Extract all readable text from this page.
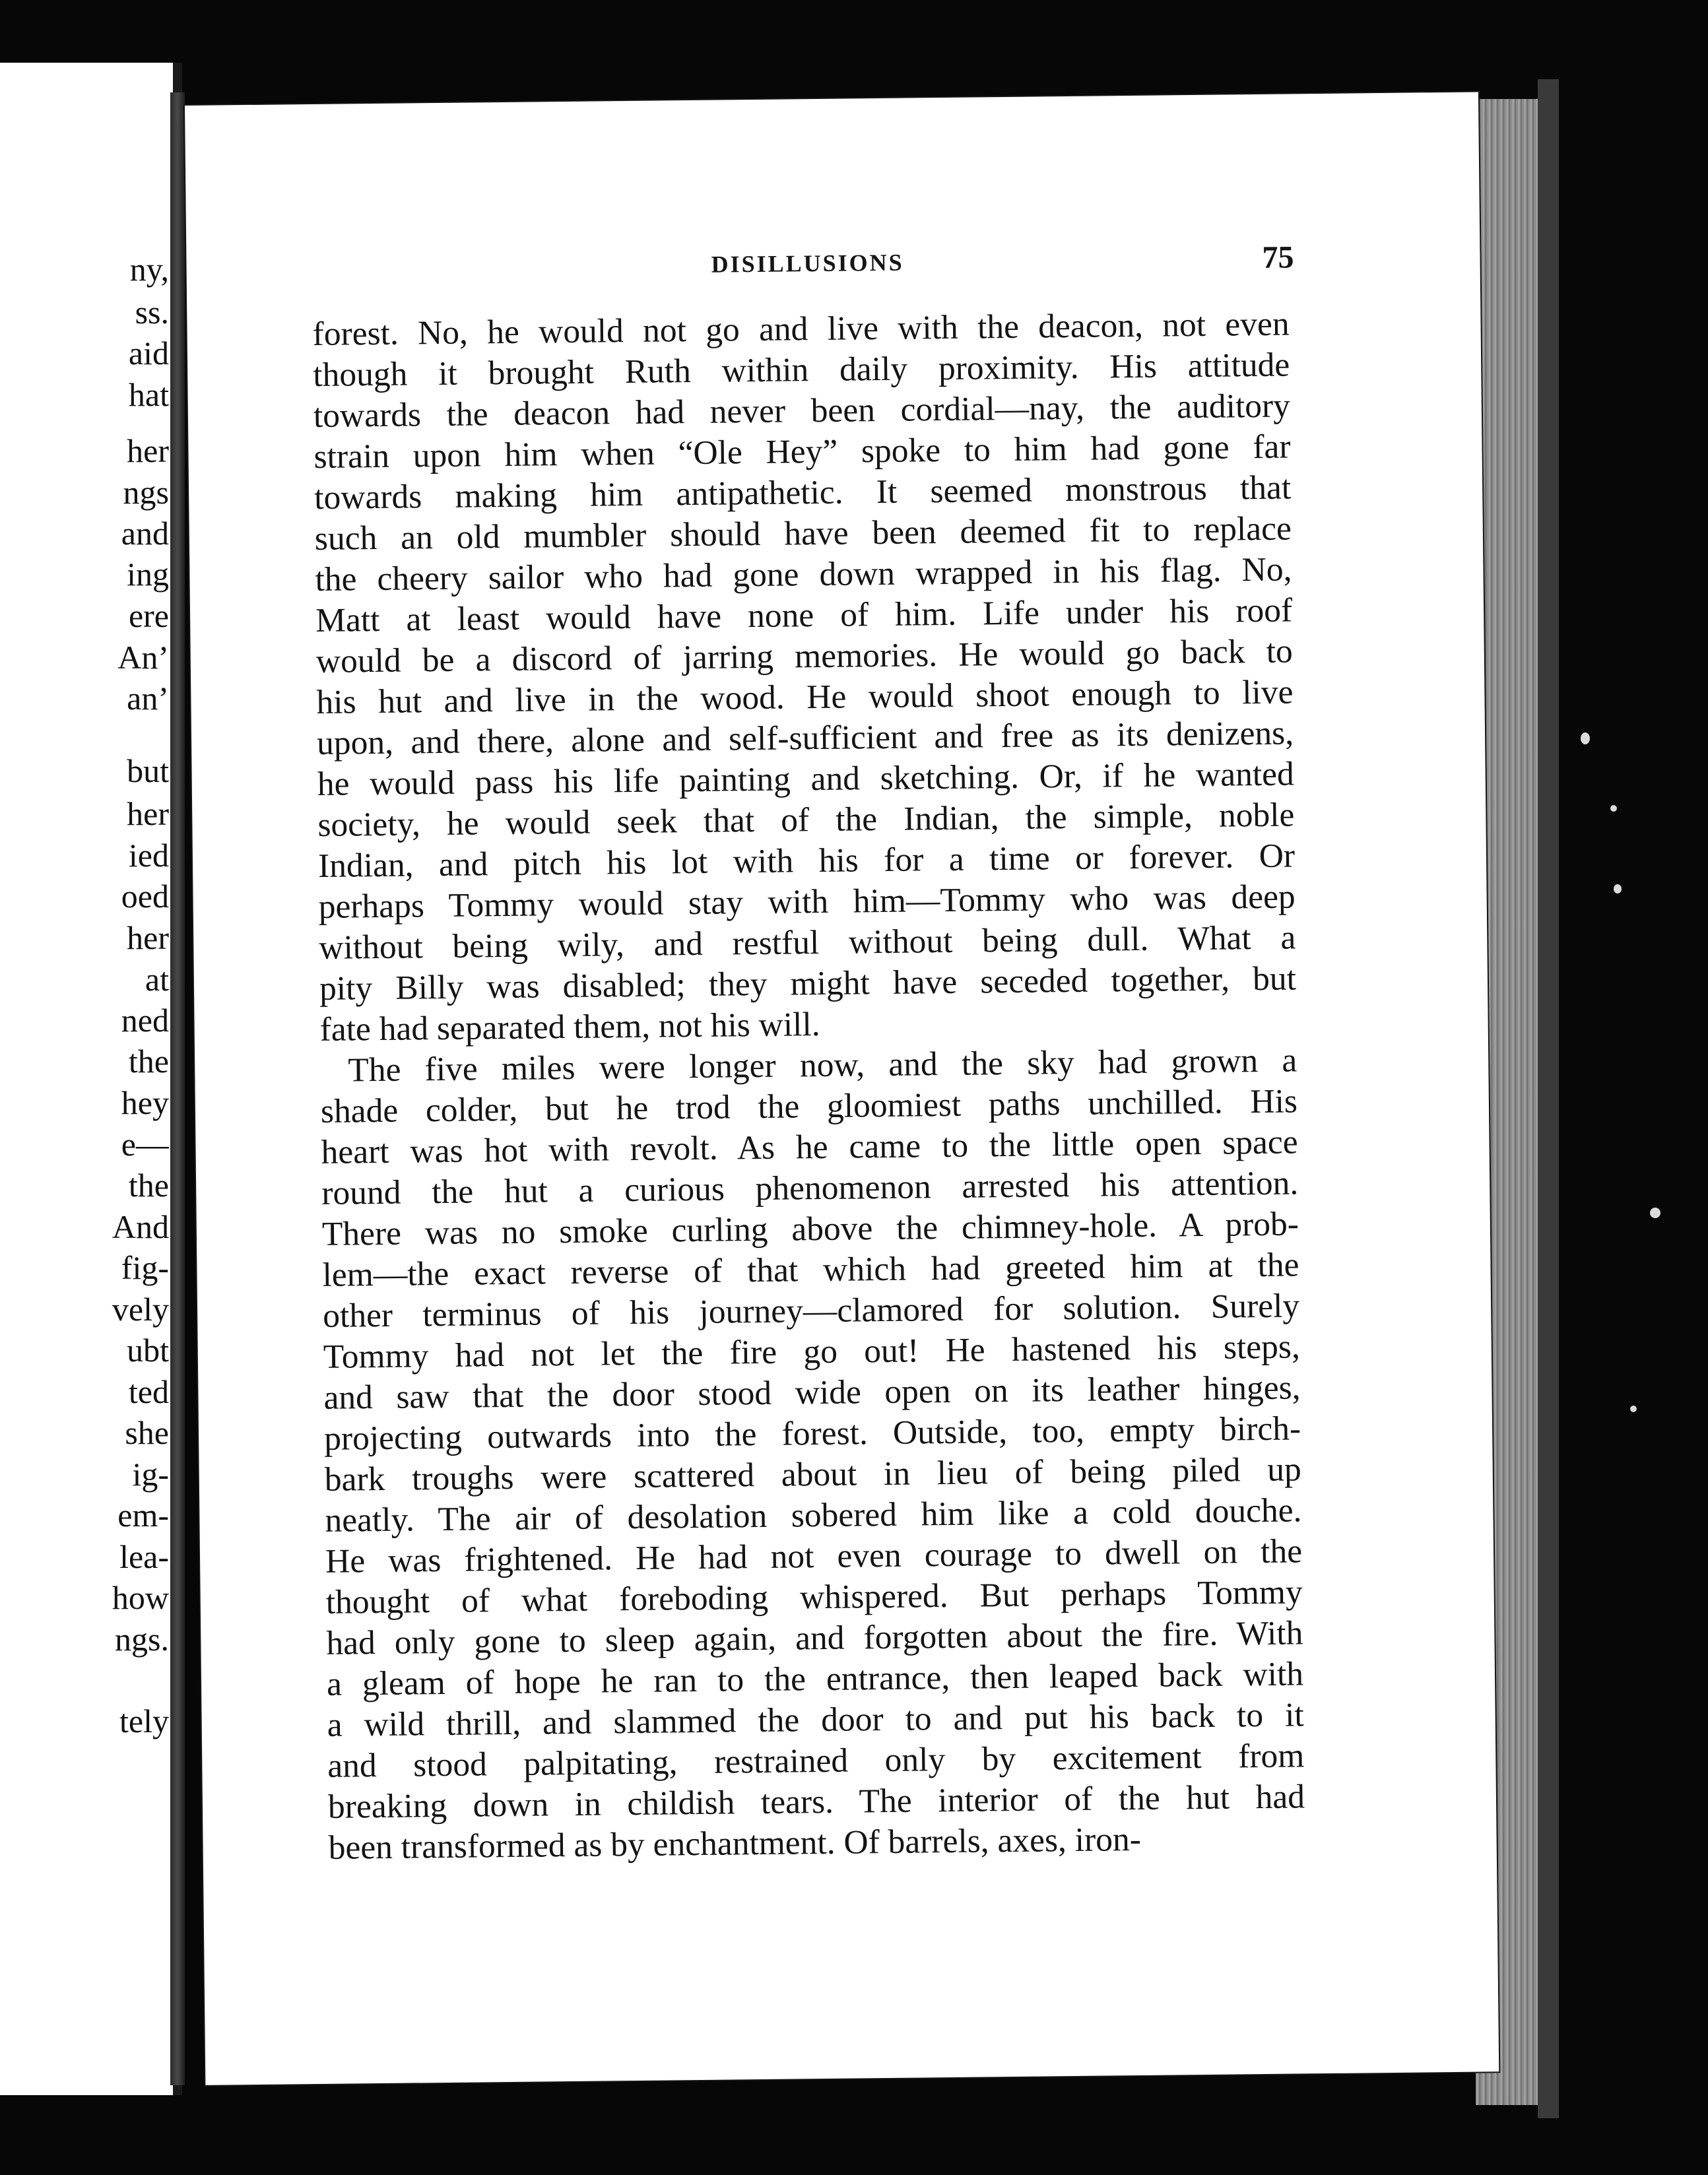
ny,
ss.
aid
hat
her
ngs
and
ing
ere
An’
an’
but
her
ied
oed
her
at
ned
the
hey
e—
the
And
fig-
vely
ubt
ted
she
ig-
em-
lea-
how
ngs.
tely
DISILLUSIONS	75
forest. No, he would not go and live with the deacon, not even
though it brought Ruth within daily proximity. His attitude
towards the deacon had never been cordial—nay, the auditory
strain upon him when “Ole Hey” spoke to him had gone far
towards making him antipathetic. It seemed monstrous that
such an old mumbler should have been deemed fit to replace
the cheery sailor who had gone down wrapped in his flag. No,
Matt at least would have none of him. Life under his roof
would be a discord of jarring memories. He would go back to
his hut and live in the wood. He would shoot enough to live
upon, and there, alone and self-sufficient and free as its denizens,
he would pass his life painting and sketching. Or, if he wanted
society, he would seek that of the Indian, the simple, noble
Indian, and pitch his lot with his for a time or forever. Or
perhaps Tommy would stay with him—Tommy who was deep
without being wily, and restful without being dull. What a
pity Billy was disabled; they might have seceded together, but
fate had separated them, not his will.
The five miles were longer now, and the sky had grown a
shade colder, but he trod the gloomiest paths unchilled. His
heart was hot with revolt. As he came to the little open space
round the hut a curious phenomenon arrested his attention.
There was no smoke curling above the chimney-hole. A prob-
lem—the exact reverse of that which had greeted him at the
other terminus of his journey—clamored for solution. Surely
Tommy had not let the fire go out! He hastened his steps,
and saw that the door stood wide open on its leather hinges,
projecting outwards into the forest. Outside, too, empty birch-
bark troughs were scattered about in lieu of being piled up
neatly. The air of desolation sobered him like a cold douche.
He was frightened. He had not even courage to dwell on the
thought of what foreboding whispered. But perhaps Tommy
had only gone to sleep again, and forgotten about the fire. With
a gleam of hope he ran to the entrance, then leaped back with
a wild thrill, and slammed the door to and put his back to it
and stood palpitating, restrained only by excitement from
breaking down in childish tears. The interior of the hut had
been transformed as by enchantment. Of barrels, axes, iron-
